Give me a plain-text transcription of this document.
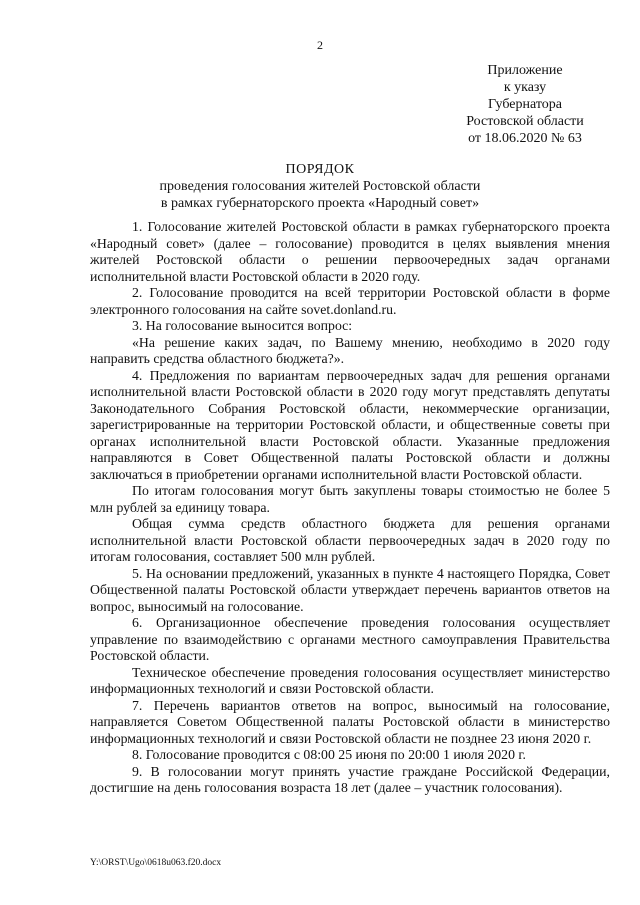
2
Приложение
к указу
Губернатора
Ростовской области
от 18.06.2020 № 63
ПОРЯДОК
проведения голосования жителей Ростовской области
в рамках губернаторского проекта «Народный совет»

1. Голосование жителей Ростовской области в рамках губернаторского проекта «Народный совет» (далее – голосование) проводится в целях выявления мнения жителей Ростовской области о решении первоочередных задач органами исполнительной власти Ростовской области в 2020 году.

2. Голосование проводится на всей территории Ростовской области в форме электронного голосования на сайте sovet.donland.ru.

3. На голосование выносится вопрос:

«На решение каких задач, по Вашему мнению, необходимо в 2020 году направить средства областного бюджета?».

4. Предложения по вариантам первоочередных задач для решения органами исполнительной власти Ростовской области в 2020 году могут представлять депутаты Законодательного Собрания Ростовской области, некоммерческие организации, зарегистрированные на территории Ростовской области, и общественные советы при органах исполнительной власти Ростовской области. Указанные предложения направляются в Совет Общественной палаты Ростовской области и должны заключаться в приобретении органами исполнительной власти Ростовской области.

По итогам голосования могут быть закуплены товары стоимостью не более 5 млн рублей за единицу товара.

Общая сумма средств областного бюджета для решения органами исполнительной власти Ростовской области первоочередных задач в 2020 году по итогам голосования, составляет 500 млн рублей.

5. На основании предложений, указанных в пункте 4 настоящего Порядка, Совет Общественной палаты Ростовской области утверждает перечень вариантов ответов на вопрос, выносимый на голосование.

6. Организационное обеспечение проведения голосования осуществляет управление по взаимодействию с органами местного самоуправления Правительства Ростовской области.

Техническое обеспечение проведения голосования осуществляет министерство информационных технологий и связи Ростовской области.

7. Перечень вариантов ответов на вопрос, выносимый на голосование, направляется Советом Общественной палаты Ростовской области в министерство информационных технологий и связи Ростовской области не позднее 23 июня 2020 г.

8. Голосование проводится с 08:00 25 июня по 20:00 1 июля 2020 г.

9. В голосовании могут принять участие граждане Российской Федерации, достигшие на день голосования возраста 18 лет (далее – участник голосования).

Y:\ORST\Ugo\0618u063.f20.docx
